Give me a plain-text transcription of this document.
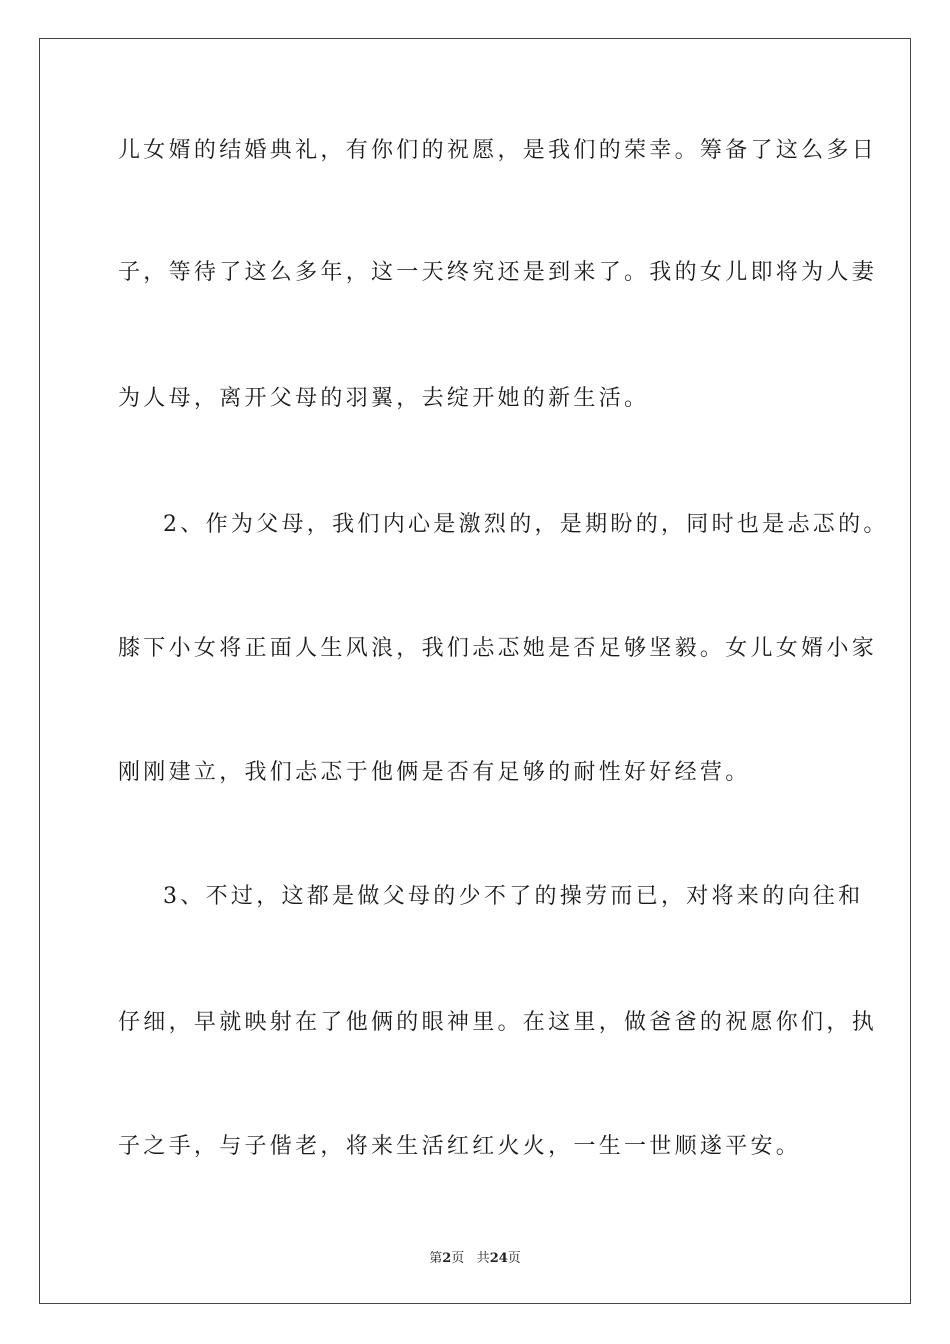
儿女婿的结婚典礼，有你们的祝愿，是我们的荣幸。筹备了这么多日
子，等待了这么多年，这一天终究还是到来了。我的女儿即将为人妻
为人母，离开父母的羽翼，去绽开她的新生活。
2、作为父母，我们内心是激烈的，是期盼的，同时也是忐忑的。
膝下小女将正面人生风浪，我们忐忑她是否足够坚毅。女儿女婿小家
刚刚建立，我们忐忑于他俩是否有足够的耐性好好经营。
3、不过，这都是做父母的少不了的操劳而已，对将来的向往和
仔细，早就映射在了他俩的眼神里。在这里，做爸爸的祝愿你们，执
子之手，与子偕老，将来生活红红火火，一生一世顺遂平安。
第2页 共24页
